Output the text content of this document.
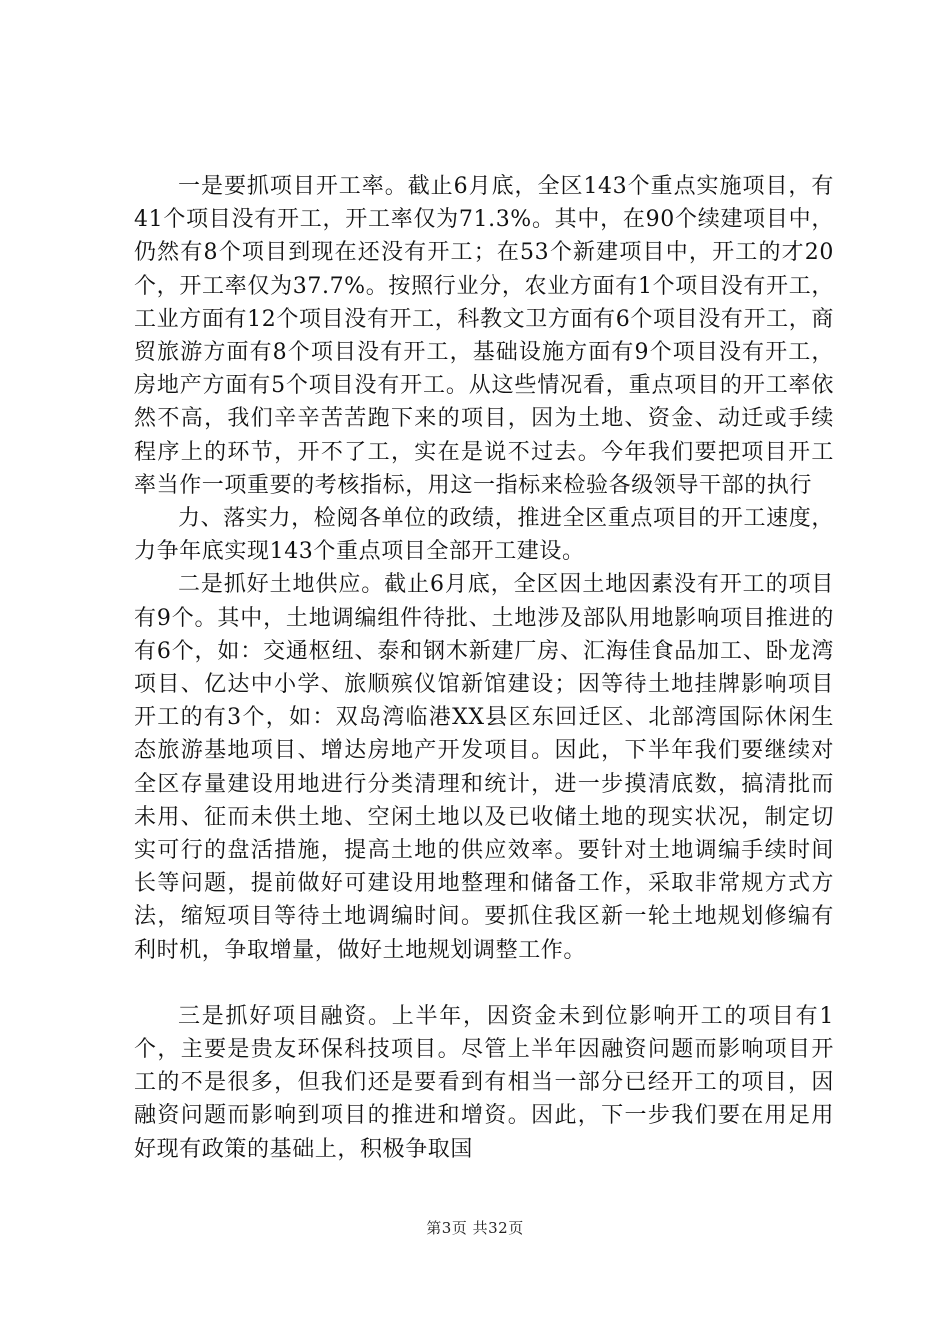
一是要抓项目开工率。截止6月底，全区143个重点实施项目，有41个项目没有开工，开工率仅为71.3%。其中，在90个续建项目中，仍然有8个项目到现在还没有开工；在53个新建项目中，开工的才20个，开工率仅为37.7%。按照行业分，农业方面有1个项目没有开工，工业方面有12个项目没有开工，科教文卫方面有6个项目没有开工，商贸旅游方面有8个项目没有开工，基础设施方面有9个项目没有开工，房地产方面有5个项目没有开工。从这些情况看，重点项目的开工率依然不高，我们辛辛苦苦跑下来的项目，因为土地、资金、动迁或手续程序上的环节，开不了工，实在是说不过去。今年我们要把项目开工率当作一项重要的考核指标，用这一指标来检验各级领导干部的执行

力、落实力，检阅各单位的政绩，推进全区重点项目的开工速度，力争年底实现143个重点项目全部开工建设。

二是抓好土地供应。截止6月底，全区因土地因素没有开工的项目有9个。其中，土地调编组件待批、土地涉及部队用地影响项目推进的有6个，如：交通枢纽、泰和钢木新建厂房、汇海佳食品加工、卧龙湾项目、亿达中小学、旅顺殡仪馆新馆建设；因等待土地挂牌影响项目开工的有3个，如：双岛湾临港XX县区东回迁区、北部湾国际休闲生态旅游基地项目、增达房地产开发项目。因此，下半年我们要继续对全区存量建设用地进行分类清理和统计，进一步摸清底数，搞清批而未用、征而未供土地、空闲土地以及已收储土地的现实状况，制定切实可行的盘活措施，提高土地的供应效率。要针对土地调编手续时间长等问题，提前做好可建设用地整理和储备工作，采取非常规方式方法，缩短项目等待土地调编时间。要抓住我区新一轮土地规划修编有利时机，争取增量，做好土地规划调整工作。

三是抓好项目融资。上半年，因资金未到位影响开工的项目有1个，主要是贵友环保科技项目。尽管上半年因融资问题而影响项目开工的不是很多，但我们还是要看到有相当一部分已经开工的项目，因融资问题而影响到项目的推进和增资。因此，下一步我们要在用足用好现有政策的基础上，积极争取国

第3页 共32页
